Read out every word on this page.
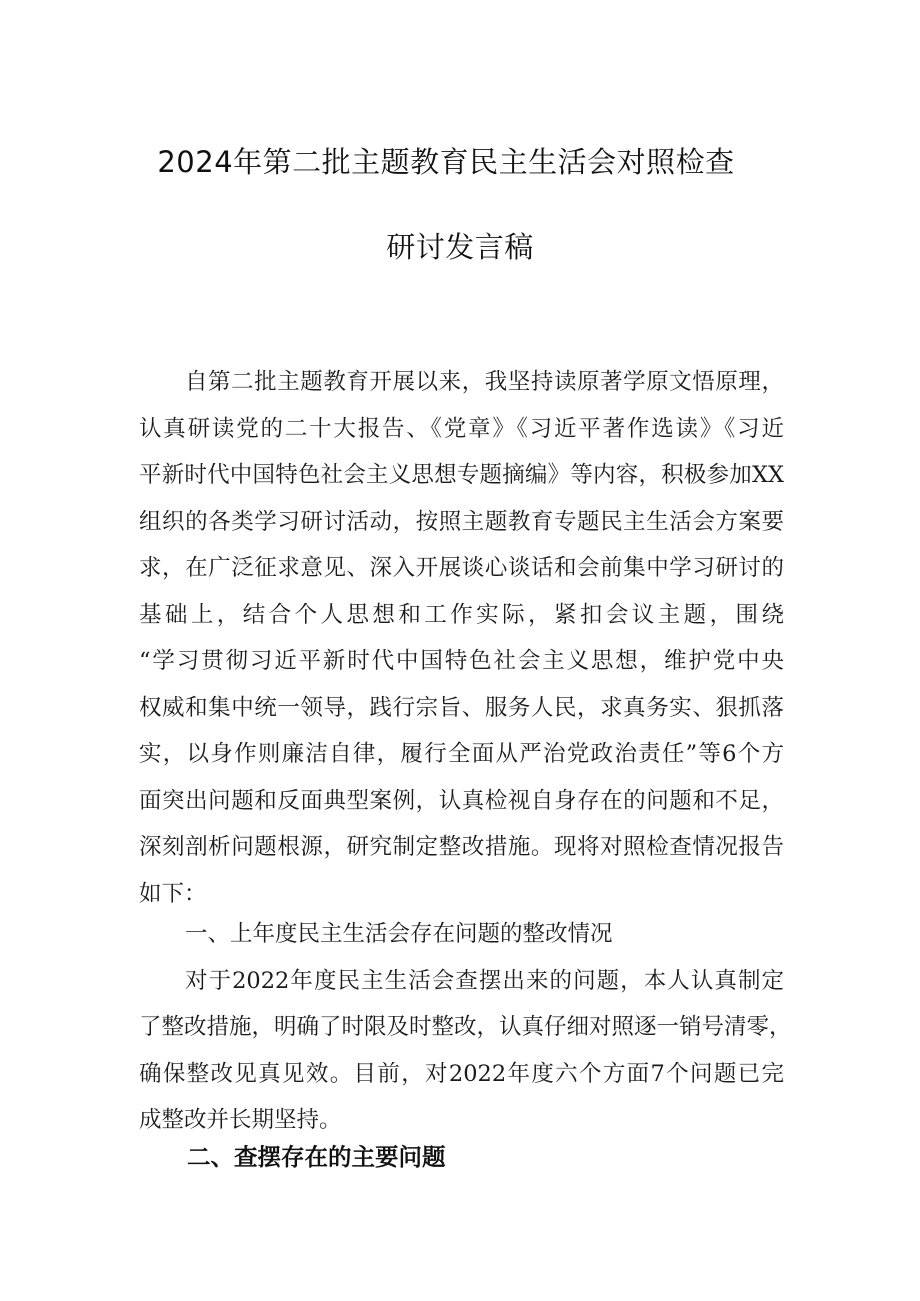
2024年第二批主题教育民主生活会对照检查
研讨发言稿
自第二批主题教育开展以来，我坚持读原著学原文悟原理，
认真研读党的二十大报告、《党章》《习近平著作选读》《习近
平新时代中国特色社会主义思想专题摘编》等内容，积极参加XX
组织的各类学习研讨活动，按照主题教育专题民主生活会方案要
求，在广泛征求意见、深入开展谈心谈话和会前集中学习研讨的
基础上，结合个人思想和工作实际，紧扣会议主题，围绕
“学习贯彻习近平新时代中国特色社会主义思想，维护党中央
权威和集中统一领导，践行宗旨、服务人民，求真务实、狠抓落
实，以身作则廉洁自律，履行全面从严治党政治责任”等6个方
面突出问题和反面典型案例，认真检视自身存在的问题和不足，
深刻剖析问题根源，研究制定整改措施。现将对照检查情况报告
如下：
一、上年度民主生活会存在问题的整改情况
对于2022年度民主生活会查摆出来的问题，本人认真制定
了整改措施，明确了时限及时整改，认真仔细对照逐一销号清零，
确保整改见真见效。目前，对2022年度六个方面7个问题已完
成整改并长期坚持。
二、查摆存在的主要问题
